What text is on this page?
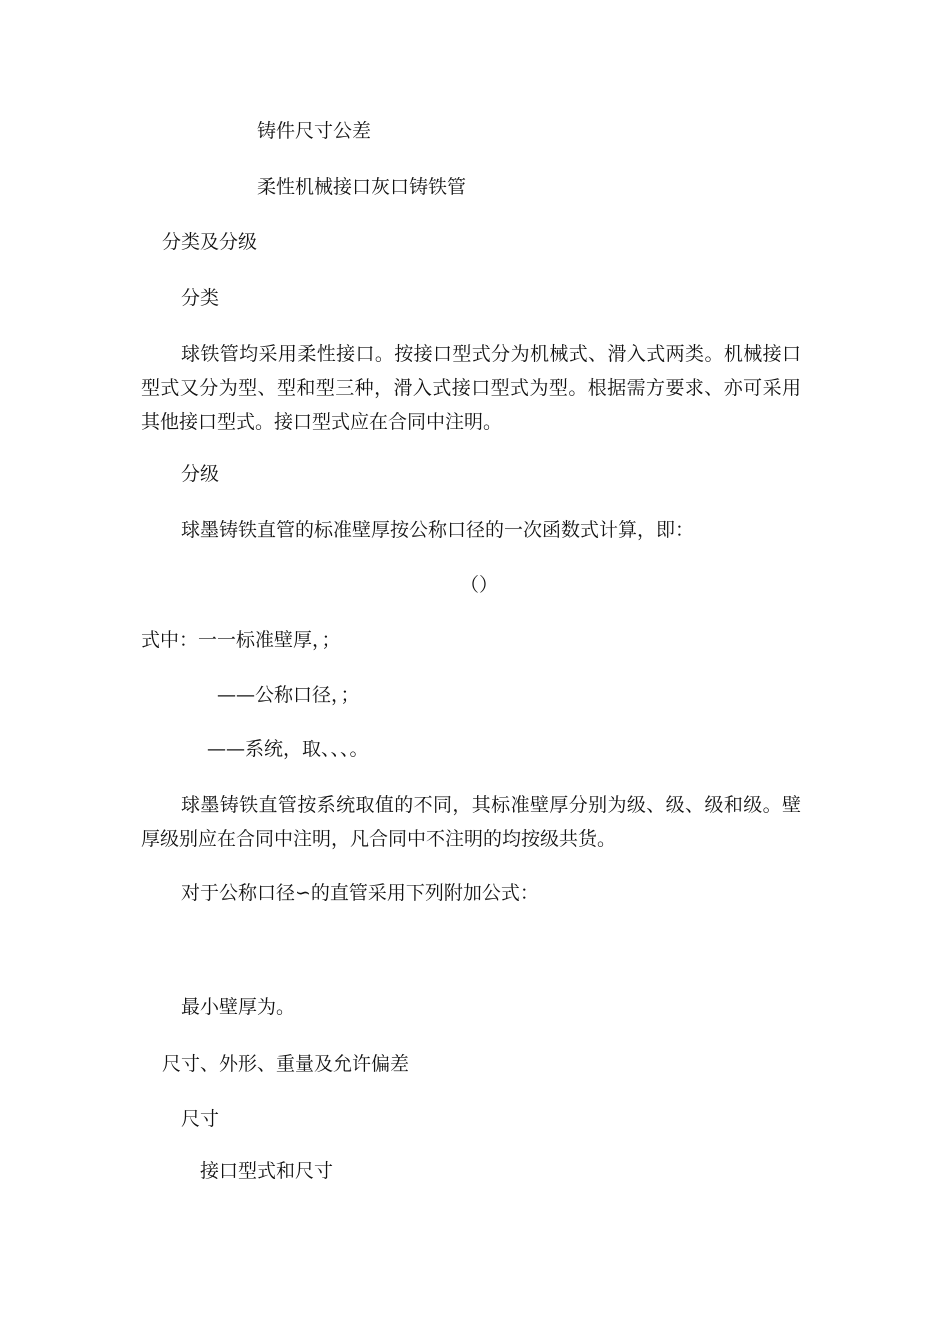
铸件尺寸公差

柔性机械接口灰口铸铁管

分类及分级

分类

球铁管均采用柔性接口。按接口型式分为机械式、滑入式两类。机械接口型式又分为型、型和型三种，滑入式接口型式为型。根据需方要求、亦可采用其他接口型式。接口型式应在合同中注明。

分级

球墨铸铁直管的标准壁厚按公称口径的一次函数式计算，即：

（）

式中：一一标准壁厚，；

——公称口径，；

——系统，取、、、。

球墨铸铁直管按系统取值的不同，其标准壁厚分别为级、级、级和级。壁厚级别应在合同中注明，凡合同中不注明的均按级共货。

对于公称口径∽的直管采用下列附加公式：

最小壁厚为。

尺寸、外形、重量及允许偏差

尺寸

接口型式和尺寸
